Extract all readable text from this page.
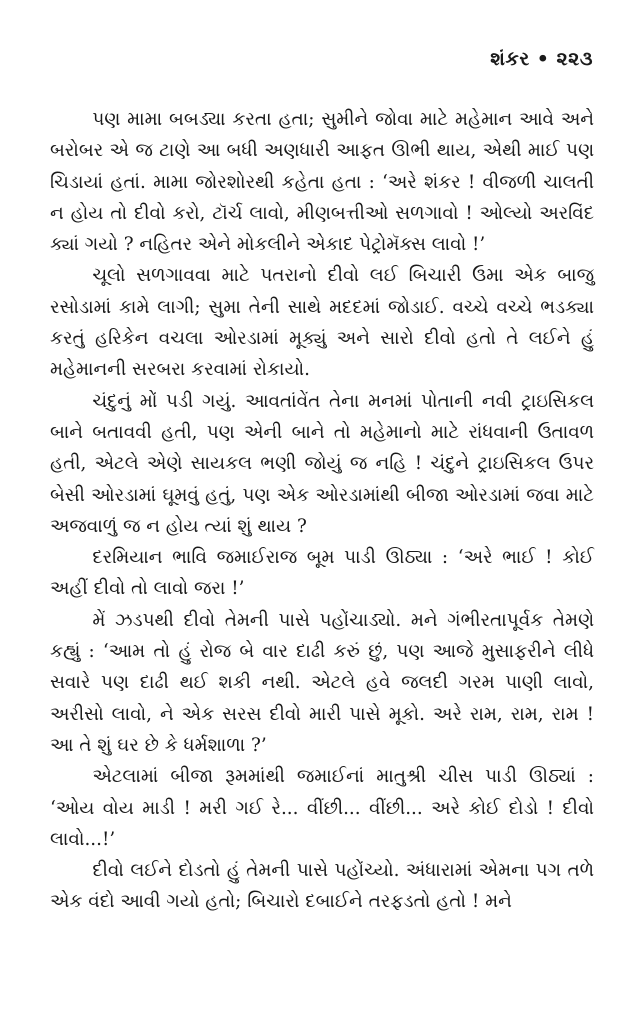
શંકર • ૨૨૩

પણ મામા બબડ્યા કરતા હતા; સુમીને જોવા માટે મહેમાન આવે અને બરોબર એ જ ટાણે આ બધી અણધારી આફત ઊભી થાય, એથી માઈ પણ ચિડાયાં હતાં. મામા જોરશોરથી કહેતા હતા : ‘અરે શંકર ! વીજળી ચાલતી ન હોય તો દીવો કરો, ટૉર્ચ લાવો, મીણબત્તીઓ સળગાવો ! ઓલ્યો અરવિંદ ક્યાં ગયો ? નહિતર એને મોકલીને એકાદ પેટ્રોમૅક્સ લાવો !’

ચૂલો સળગાવવા માટે પતરાનો દીવો લઈ બિચારી ઉમા એક બાજુ રસોડામાં કામે લાગી; સુમા તેની સાથે મદદમાં જોડાઈ. વચ્ચે વચ્ચે ભડક્યા કરતું હરિકેન વચલા ઓરડામાં મૂક્યું અને સારો દીવો હતો તે લઈને હું મહેમાનની સરબરા કરવામાં રોકાયો.

ચંદુનું મોં પડી ગયું. આવતાંવેંત તેના મનમાં પોતાની નવી ટ્રાઇસિકલ બાને બતાવવી હતી, પણ એની બાને તો મહેમાનો માટે રાંધવાની ઉતાવળ હતી, એટલે એણે સાયકલ ભણી જોયું જ નહિ ! ચંદુને ટ્રાઇસિકલ ઉપર બેસી ઓરડામાં ઘૂમવું હતું, પણ એક ઓરડામાંથી બીજા ઓરડામાં જવા માટે અજવાળું જ ન હોય ત્યાં શું થાય ?

દરમિયાન ભાવિ જમાઈરાજ બૂમ પાડી ઊઠ્યા : ‘અરે ભાઈ ! કોઈ અહીં દીવો તો લાવો જરા !’

મેં ઝડપથી દીવો તેમની પાસે પહોંચાડ્યો. મને ગંભીરતાપૂર્વક તેમણે કહ્યું : ‘આમ તો હું રોજ બે વાર દાઢી કરું છું, પણ આજે મુસાફરીને લીધે સવારે પણ દાઢી થઈ શકી નથી. એટલે હવે જલદી ગરમ પાણી લાવો, અરીસો લાવો, ને એક સરસ દીવો મારી પાસે મૂકો. અરે રામ, રામ, રામ ! આ તે શું ઘર છે કે ધર્મશાળા ?’

એટલામાં બીજા રૂમમાંથી જમાઈનાં માતુશ્રી ચીસ પાડી ઊઠ્યાં : ‘ઓય વોય માડી ! મરી ગઈ રે... વીંછી... વીંછી... અરે કોઈ દોડો ! દીવો લાવો...!’

દીવો લઈને દોડતો હું તેમની પાસે પહોંચ્યો. અંધારામાં એમના પગ તળે એક વંદો આવી ગયો હતો; બિચારો દબાઈને તરફડતો હતો ! મને
